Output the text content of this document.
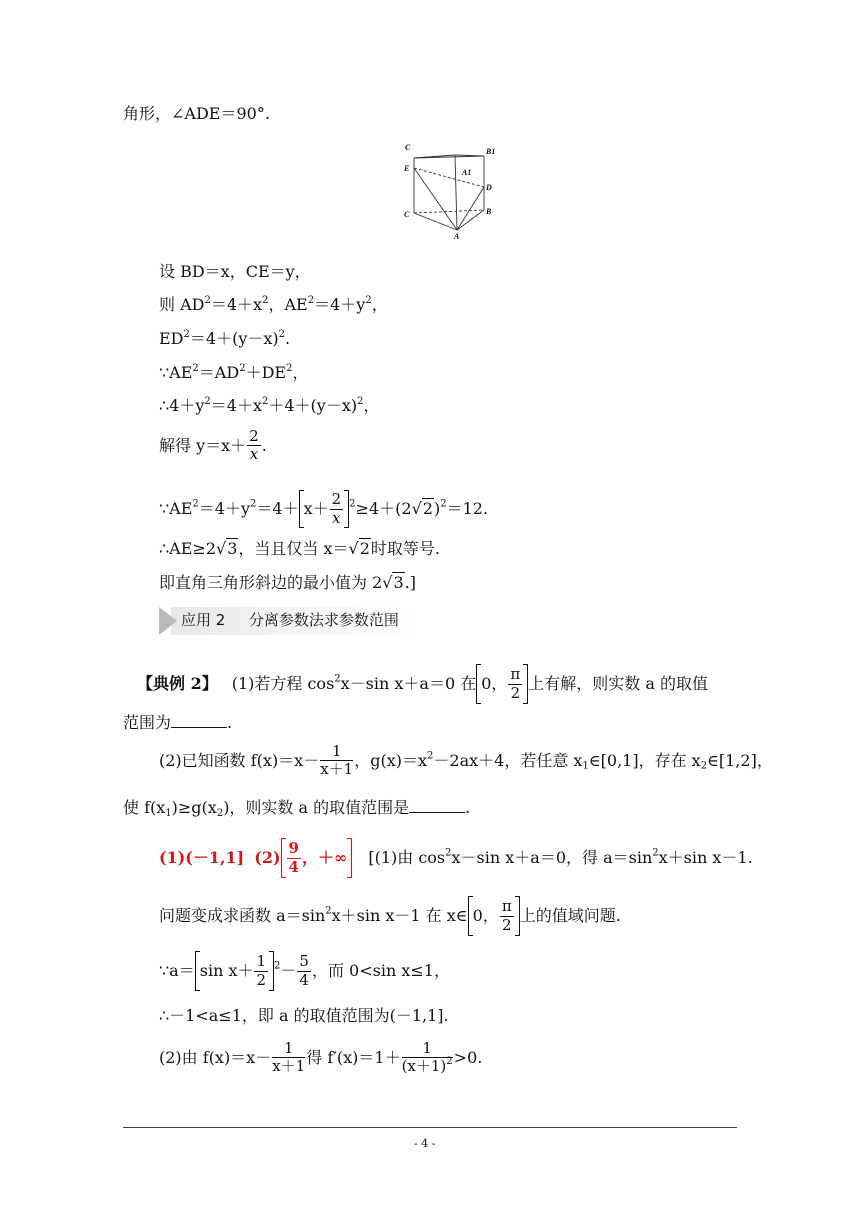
角形，∠ADE＝90°.
C	B1
E	A1
D
C	B
A
设 BD＝x，CE＝y，
则 $AD^2=4+x^2$，$AE^2=4+y^2$，
$ED^2=4+(y-x)^2$.
$\because AE^2=AD^2+DE^2$，
$\therefore 4+y^2=4+x^2+4+(y-x)^2$，
解得 $y=x+ \frac{2}{x}$ .
$\because AE^2=4+y^2=4+ x+ \frac{2}{x} ^2\ge 4+(2√2)^2=12$.
∴AE≥2√3，当且仅当 x＝√2时取等号.
即直角三角形斜边的最小值为 2√3.]
应用 2 分离参数法求参数范围
【典例 2】 (1)若方程 $\cos^2x-\sin$ x＋a＝0 在 0， $\frac{\pi}{2}$ 上有解，则实数 a 的取值
范围为	.
(2)已知函数 $f(x)=x- \frac{1}{x+1}$ ，$g(x)=x^2-2ax+4$，若任意 $x_1\in[0,1]$，存在 $x_2\in[1,2]$，
使 $f(x_1)\ge g(x_2)$，则实数 a 的取值范围是	.
(1)(－1,1] $(2) \frac{9}{4}$ ，＋∞ [(1)由 $\cos^2x-\sin$ x＋a＝0，得 $a=\sin^2x+\sin$ x－1.
问题变成求函数 $a=\sin^2x+\sin$ x－1 在 x∈ 0， $\frac{\pi}{2}$ 上的值域问题.
∵a＝ $\sin x+ \frac{1}{2} ^2- \frac{5}{4}$ ，而 0<sin x≤1，
∴－1<a≤1，即 a 的取值范围为(－1,1].
(2)由 $f(x)=x- \frac{1}{x+1}$ 得 $f'(x)=1+ \frac{1}{(x+1)^2} >0$.
- 4 -
